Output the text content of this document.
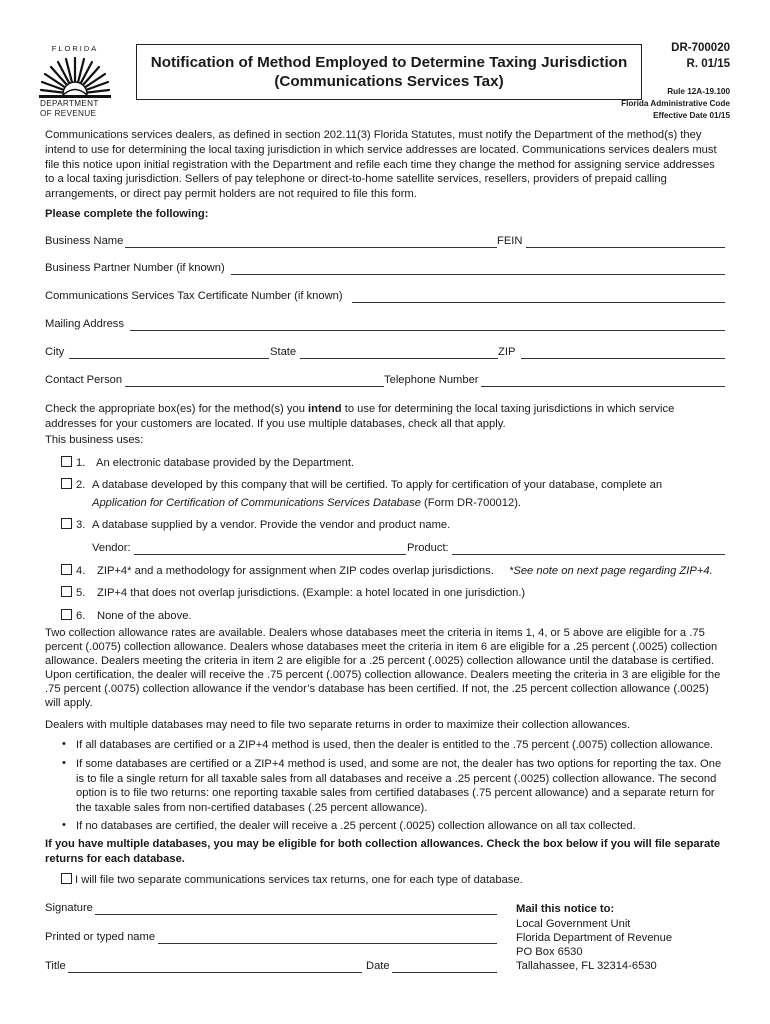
FLORIDA
DEPARTMENT
OF REVENUE
Notification of Method Employed to Determine Taxing Jurisdiction
(Communications Services Tax)
DR-700020
R. 01/15
Rule 12A-19.100
Florida Administrative Code
Effective Date 01/15
Communications services dealers, as defined in section 202.11(3) Florida Statutes, must notify the Department of the method(s) they intend to use for determining the local taxing jurisdiction in which service addresses are located. Communications services dealers must file this notice upon initial registration with the Department and refile each time they change the method for assigning service addresses to a local taxing jurisdiction. Sellers of pay telephone or direct-to-home satellite services, resellers, providers of prepaid calling arrangements, or direct pay permit holders are not required to file this form.
Please complete the following:
Business Name	FEIN
Business Partner Number (if known)
Communications Services Tax Certificate Number (if known)
Mailing Address
City	State	ZIP
Contact Person	Telephone Number
Check the appropriate box(es) for the method(s) you intend to use for determining the local taxing jurisdictions in which service addresses for your customers are located. If you use multiple databases, check all that apply.
This business uses:
1. An electronic database provided by the Department.
2. A database developed by this company that will be certified. To apply for certification of your database, complete an
Application for Certification of Communications Services Database (Form DR-700012).
3. A database supplied by a vendor. Provide the vendor and product name.
Vendor:	Product:
4. ZIP+4* and a methodology for assignment when ZIP codes overlap jurisdictions. *See note on next page regarding ZIP+4.
5. ZIP+4 that does not overlap jurisdictions. (Example: a hotel located in one jurisdiction.)
6. None of the above.
Two collection allowance rates are available. Dealers whose databases meet the criteria in items 1, 4, or 5 above are eligible for a .75 percent (.0075) collection allowance. Dealers whose databases meet the criteria in item 6 are eligible for a .25 percent (.0025) collection allowance. Dealers meeting the criteria in item 2 are eligible for a .25 percent (.0025) collection allowance until the database is certified. Upon certification, the dealer will receive the .75 percent (.0075) collection allowance. Dealers meeting the criteria in 3 are eligible for the .75 percent (.0075) collection allowance if the vendor’s database has been certified. If not, the .25 percent collection allowance (.0025) will apply.
Dealers with multiple databases may need to file two separate returns in order to maximize their collection allowances.
• If all databases are certified or a ZIP+4 method is used, then the dealer is entitled to the .75 percent (.0075) collection allowance.
• If some databases are certified or a ZIP+4 method is used, and some are not, the dealer has two options for reporting the tax. One is to file a single return for all taxable sales from all databases and receive a .25 percent (.0025) collection allowance. The second option is to file two returns: one reporting taxable sales from certified databases (.75 percent allowance) and a separate return for the taxable sales from non-certified databases (.25 percent allowance).
• If no databases are certified, the dealer will receive a .25 percent (.0025) collection allowance on all tax collected.
If you have multiple databases, you may be eligible for both collection allowances. Check the box below if you will file separate returns for each database.
I will file two separate communications services tax returns, one for each type of database.
Signature
Printed or typed name
Title	Date
Mail this notice to:
Local Government Unit
Florida Department of Revenue
PO Box 6530
Tallahassee, FL 32314-6530
